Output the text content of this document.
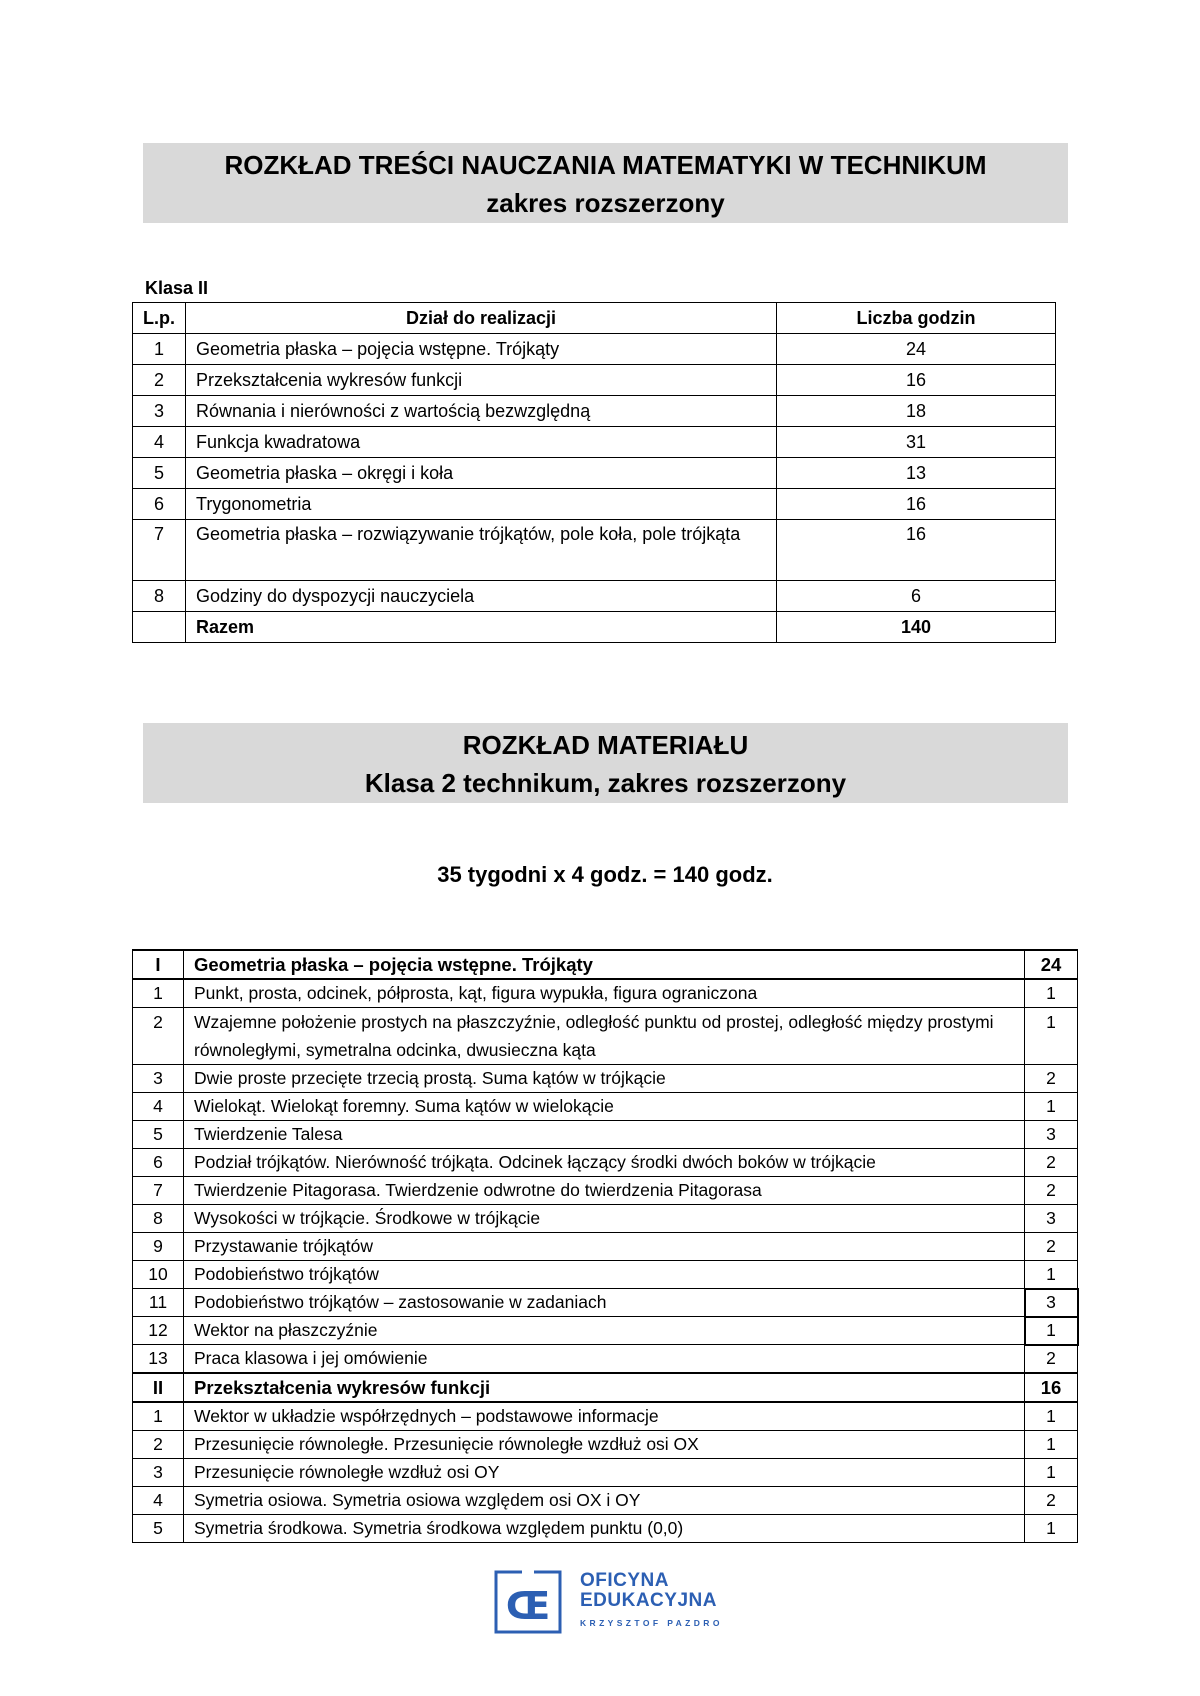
ROZKŁAD TREŚCI NAUCZANIA MATEMATYKI W TECHNIKUM
zakres rozszerzony
Klasa II
L.p.	Dział do realizacji	Liczba godzin
1	Geometria płaska – pojęcia wstępne. Trójkąty	24
2	Przekształcenia wykresów funkcji	16
3	Równania i nierówności z wartością bezwzględną	18
4	Funkcja kwadratowa	31
5	Geometria płaska – okręgi i koła	13
6	Trygonometria	16
7	Geometria płaska – rozwiązywanie trójkątów, pole koła, pole trójkąta	16
8	Godziny do dyspozycji nauczyciela	6
	Razem	140
ROZKŁAD MATERIAŁU
Klasa 2 technikum, zakres rozszerzony
35 tygodni x 4 godz. = 140 godz.
I	Geometria płaska – pojęcia wstępne. Trójkąty	24
1	Punkt, prosta, odcinek, półprosta, kąt, figura wypukła, figura ograniczona	1
2	Wzajemne położenie prostych na płaszczyźnie, odległość punktu od prostej, odległość między prostymi równoległymi, symetralna odcinka, dwusieczna kąta	1
3	Dwie proste przecięte trzecią prostą. Suma kątów w trójkącie	2
4	Wielokąt. Wielokąt foremny. Suma kątów w wielokącie	1
5	Twierdzenie Talesa	3
6	Podział trójkątów. Nierówność trójkąta. Odcinek łączący środki dwóch boków w trójkącie	2
7	Twierdzenie Pitagorasa. Twierdzenie odwrotne do twierdzenia Pitagorasa	2
8	Wysokości w trójkącie. Środkowe w trójkącie	3
9	Przystawanie trójkątów	2
10	Podobieństwo trójkątów	1
11	Podobieństwo trójkątów – zastosowanie w zadaniach	3
12	Wektor na płaszczyźnie	1
13	Praca klasowa i jej omówienie	2
II	Przekształcenia wykresów funkcji	16
1	Wektor w układzie współrzędnych – podstawowe informacje	1
2	Przesunięcie równoległe. Przesunięcie równoległe wzdłuż osi OX	1
3	Przesunięcie równoległe wzdłuż osi OY	1
4	Symetria osiowa. Symetria osiowa względem osi OX i OY	2
5	Symetria środkowa. Symetria środkowa względem punktu (0,0)	1
Œ
OFICYNA
EDUKACYJNA
KRZYSZTOF PAZDRO
